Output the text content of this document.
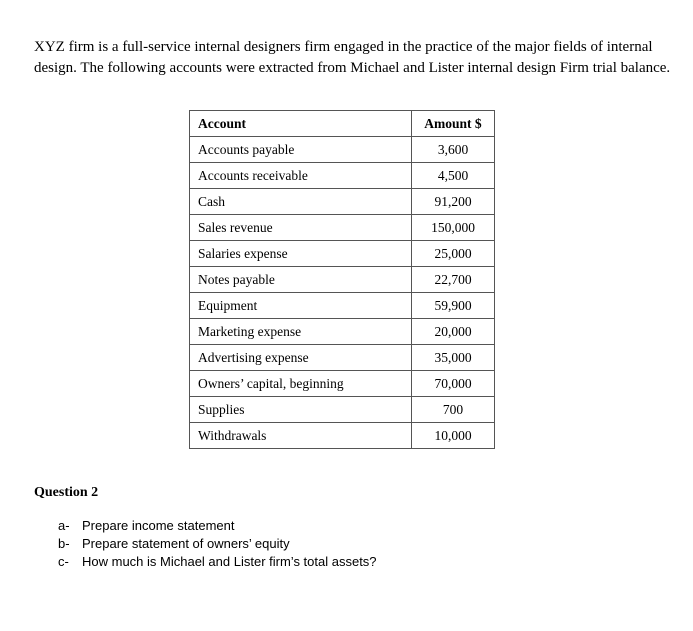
XYZ firm is a full-service internal designers firm engaged in the practice of the major fields of internal design. The following accounts were extracted from Michael and Lister internal design Firm trial balance.

Account	Amount $
Accounts payable	3,600
Accounts receivable	4,500
Cash	91,200
Sales revenue	150,000
Salaries expense	25,000
Notes payable	22,700
Equipment	59,900
Marketing expense	20,000
Advertising expense	35,000
Owners’ capital, beginning	70,000
Supplies	700
Withdrawals	10,000

Question 2

a- Prepare income statement
b- Prepare statement of owners’ equity
c- How much is Michael and Lister firm’s total assets?
